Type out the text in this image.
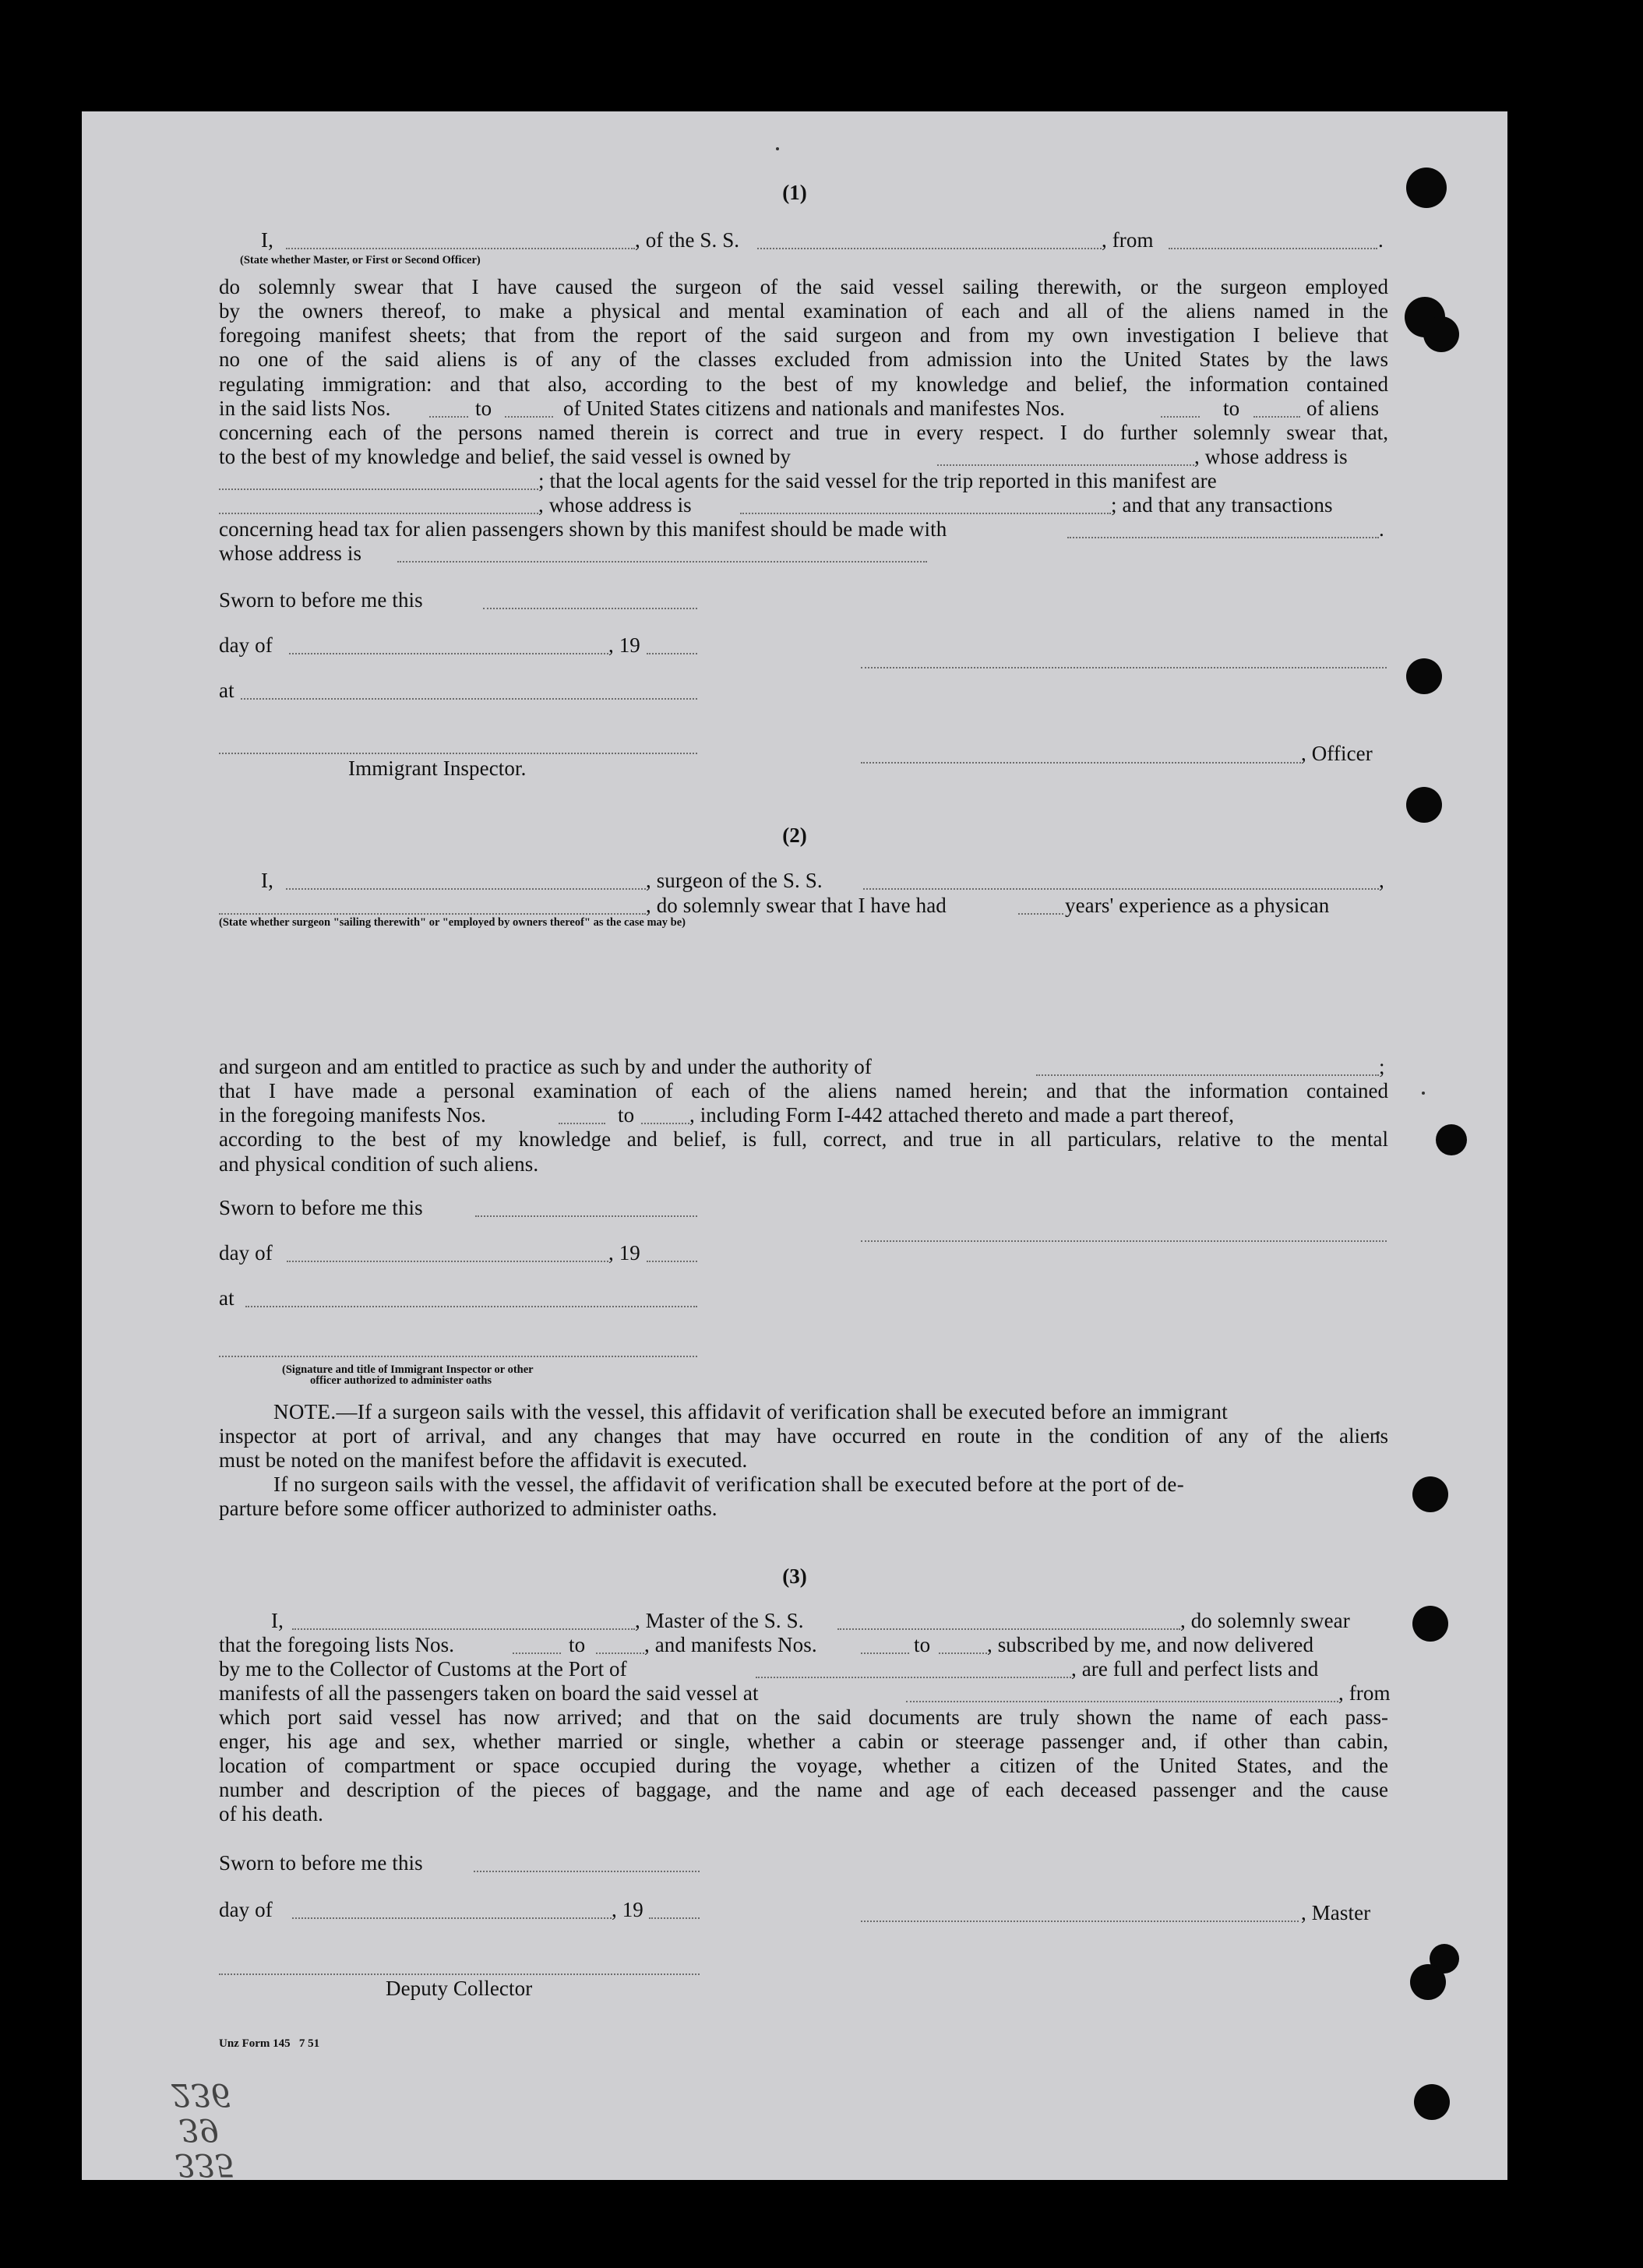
(1)
I,	, of the S. S.	, from	.
(State whether Master, or First or Second Officer)
do solemnly swear that I have caused the surgeon of the said vessel sailing therewith, or the surgeon employed
by the owners thereof, to make a physical and mental examination of each and all of the aliens named in the
foregoing manifest sheets; that from the report of the said surgeon and from my own investigation I believe that
no one of the said aliens is of any of the classes excluded from admission into the United States by the laws
regulating immigration: and that also, according to the best of my knowledge and belief, the information contained
in the said lists Nos.	to	of United States citizens and nationals and manifestes Nos.	to	of aliens
concerning each of the persons named therein is correct and true in every respect. I do further solemnly swear that,
to the best of my knowledge and belief, the said vessel is owned by	, whose address is
; that the local agents for the said vessel for the trip reported in this manifest are
, whose address is	; and that any transactions
concerning head tax for alien passengers shown by this manifest should be made with	.
whose address is
Sworn to before me this
day of	, 19
at
, Officer
Immigrant Inspector.
(2)
I,	, surgeon of the S. S.	,
, do solemnly swear that I have had	years' experience as a physican
(State whether surgeon "sailing therewith" or "employed by owners thereof" as the case may be)
and surgeon and am entitled to practice as such by and under the authority of	;
that I have made a personal examination of each of the aliens named herein; and that the information contained
in the foregoing manifests Nos.	to	, including Form I-442 attached thereto and made a part thereof,
according to the best of my knowledge and belief, is full, correct, and true in all particulars, relative to the mental
and physical condition of such aliens.
Sworn to before me this
day of	, 19
at
(Signature and title of Immigrant Inspector or other
officer authorized to administer oaths
NOTE.—If a surgeon sails with the vessel, this affidavit of verification shall be executed before an immigrant
inspector at port of arrival, and any changes that may have occurred en route in the condition of any of the aliens
must be noted on the manifest before the affidavit is executed.
If no surgeon sails with the vessel, the affidavit of verification shall be executed before at the port of de-
parture before some officer authorized to administer oaths.
(3)
I,	, Master of the S. S.	, do solemnly swear
that the foregoing lists Nos.	to	, and manifests Nos.	to	, subscribed by me, and now delivered
by me to the Collector of Customs at the Port of	, are full and perfect lists and
manifests of all the passengers taken on board the said vessel at	, from
which port said vessel has now arrived; and that on the said documents are truly shown the name of each pass-
enger, his age and sex, whether married or single, whether a cabin or steerage passenger and, if other than cabin,
location of compartment or space occupied during the voyage, whether a citizen of the United States, and the
number and description of the pieces of baggage, and the name and age of each deceased passenger and the cause
of his death.
Sworn to before me this
day of	, 19	, Master
Deputy Collector
Unz Form 145   7 51
236
39
335
